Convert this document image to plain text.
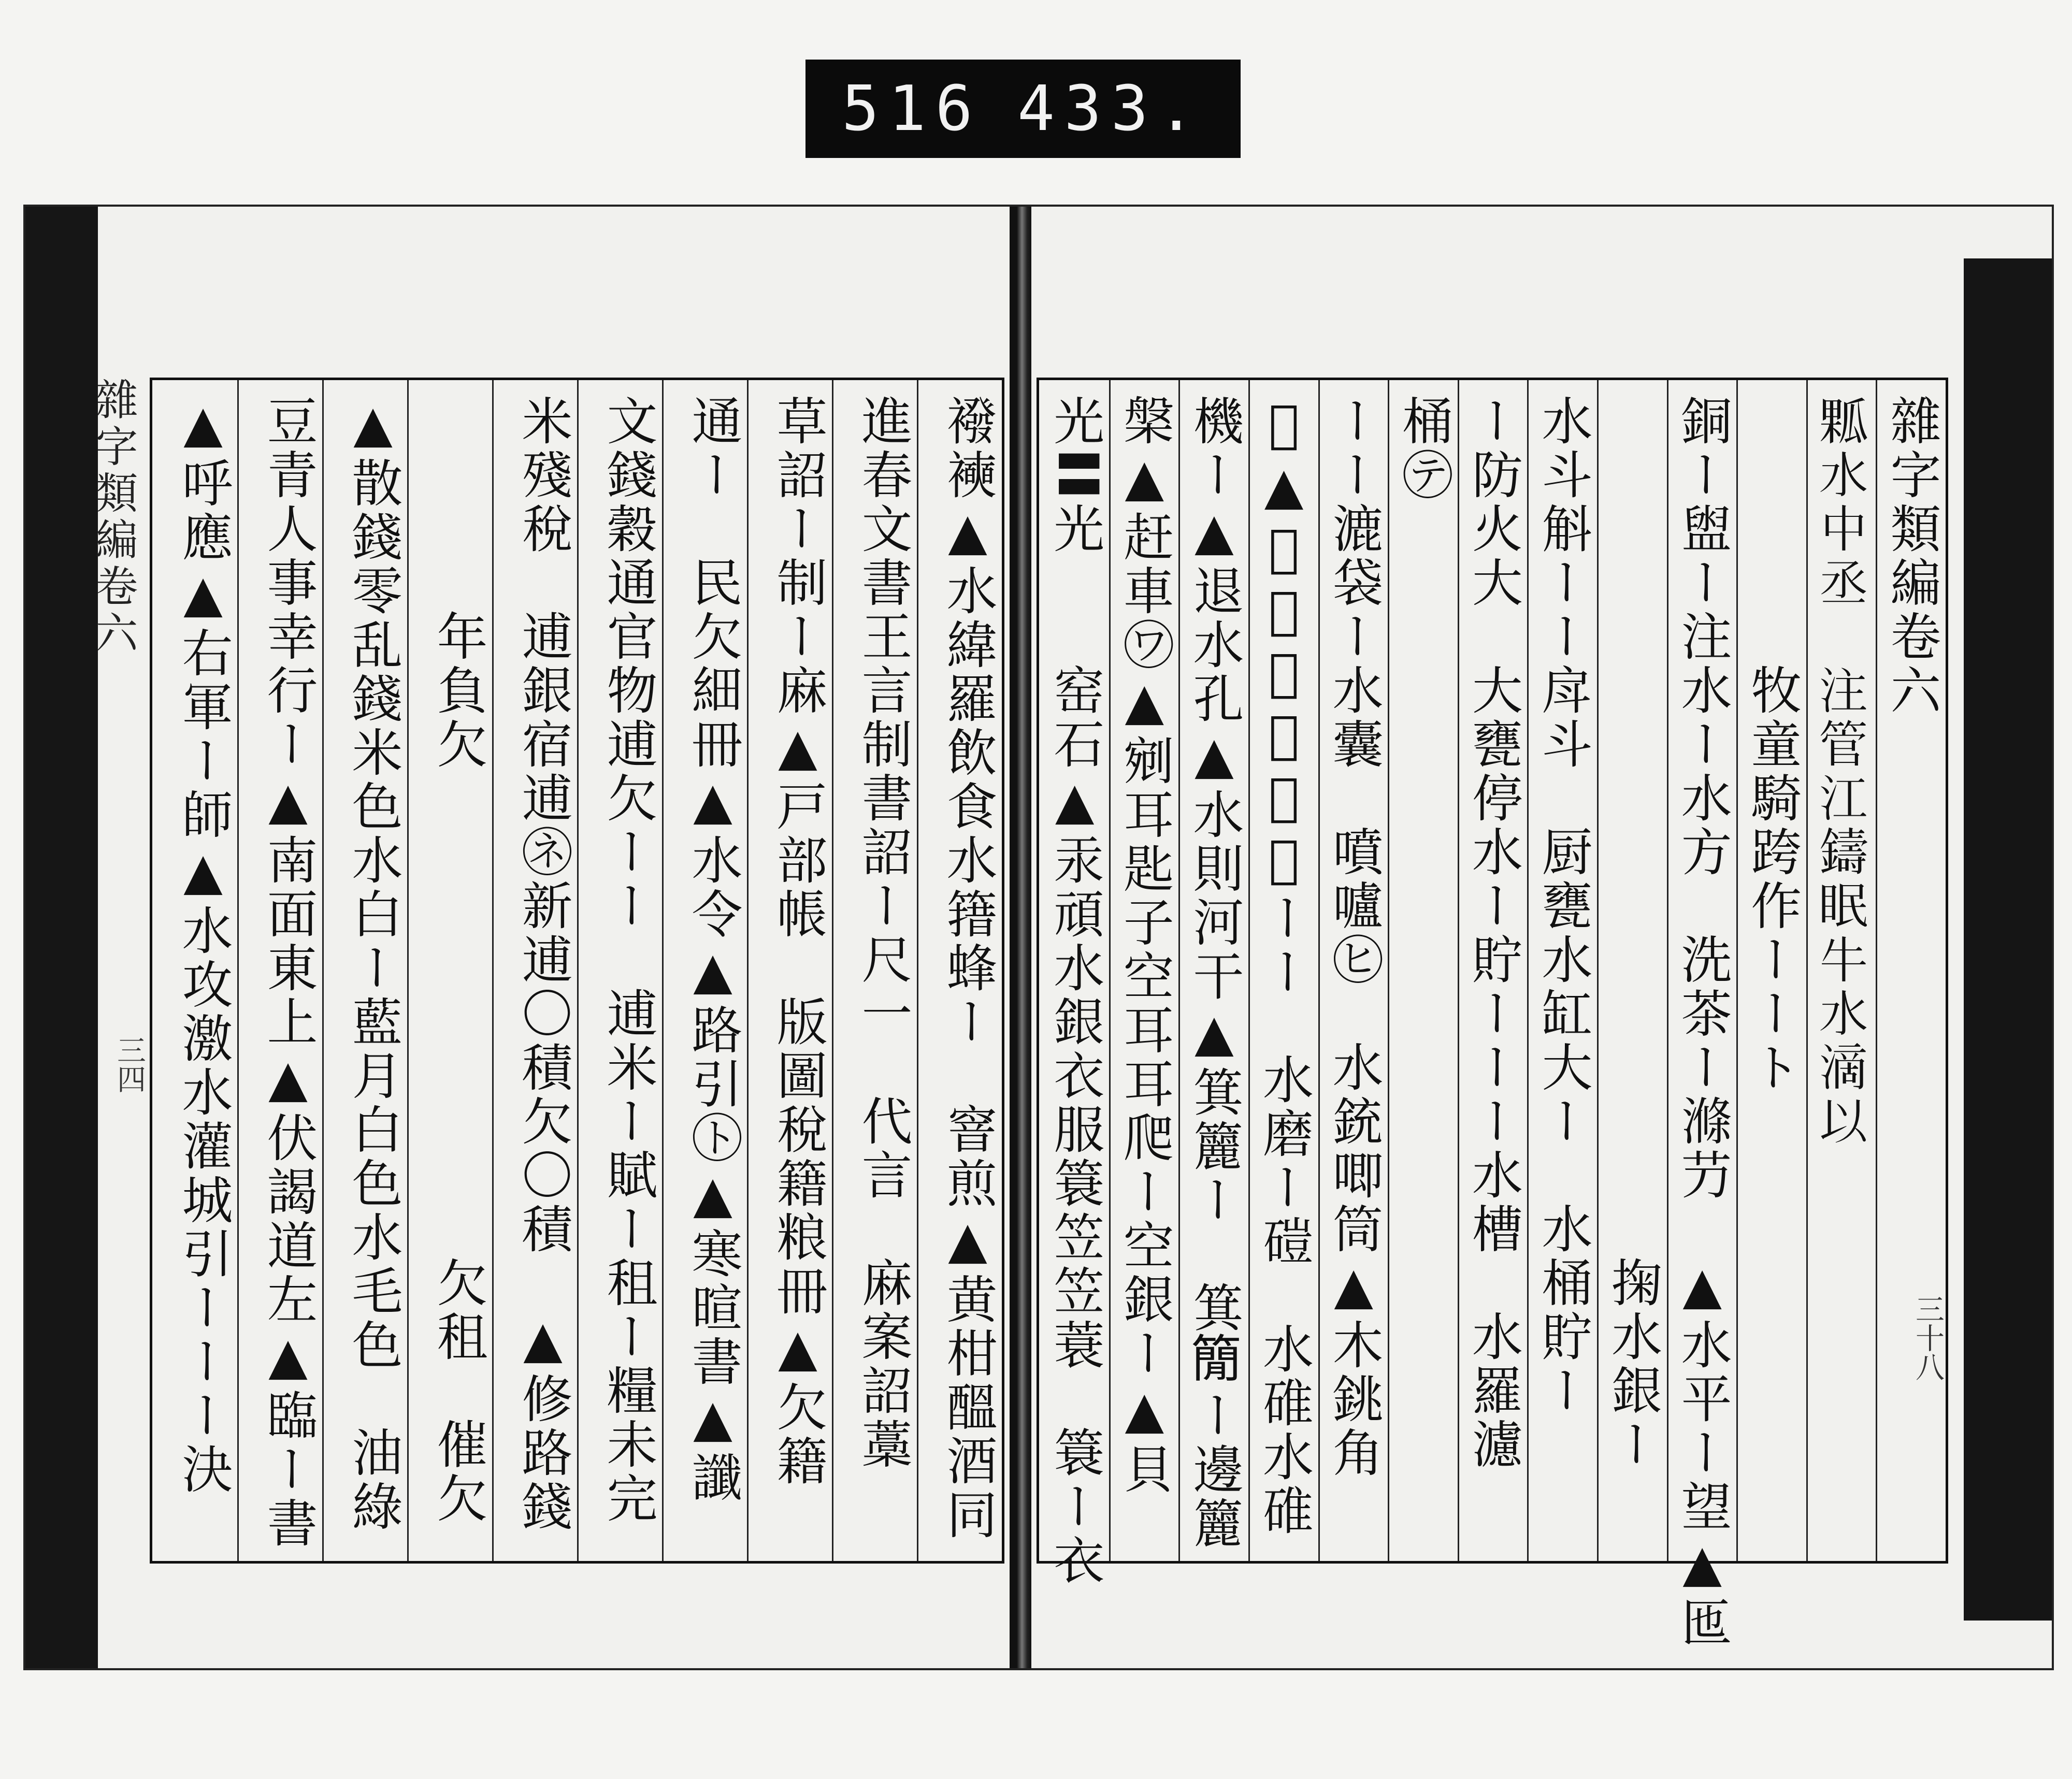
516 433.
雜字類編卷六
三四	襏襫▲水緯羅飲食水簎蜂ー　窨煎▲黄柑醞酒同
進春文書王言制書詔ー尺一　代言　麻案詔藁
草詔ー制ー麻▲戸部帳　版圖稅籍粮冊▲欠籍
通ー　民欠細冊▲水令▲路引㋣▲寒暄書▲讖
文錢穀通官物逋欠ーー　逋米ー賦ー租ー糧未完
米殘稅　逋銀宿逋㋧新逋〇積欠〇積　▲修路錢
　　　　年負欠　　　　　　　　　欠租　催欠
▲散錢零乱錢米色水白ー藍月白色水毛色　油綠
豆青人事幸行ー▲南面東上▲伏謁道左▲臨ー書
▲呼應▲右軍ー師▲水攻激水灌城引ーーー決	雜字類編卷六
𤬁水中丞　注管江鑄眠牛水滴以
　　　　　牧童騎跨作ーート
銅ー盥ー注水ー水方　洗茶ー滌芀　▲水平ー望▲匜
　　　　　　　　　　　　　　　　掬水銀ー
水斗斛ーー戽斗　厨甕水缸大ー　水桶貯ー
ー防火大　大甕停水ー貯ーーー水槽　水羅濾
桶㋢
ーー漉袋ー水囊　噴嚧㋪　水銃唧筒▲木銚角
𤮗▲筒輪筒車水轉ーー　水磨ー磑　水碓水碓
機ー▲退水孔▲水則河干▲箕籭ー　箕𥳑ー邊籭
槃▲赶車㋻▲剜耳匙子空耳耳爬ー空銀ー▲貝
光〓光　　窑石▲汞頑水銀衣服簑笠笠蓑　簑ー衣	三十八
